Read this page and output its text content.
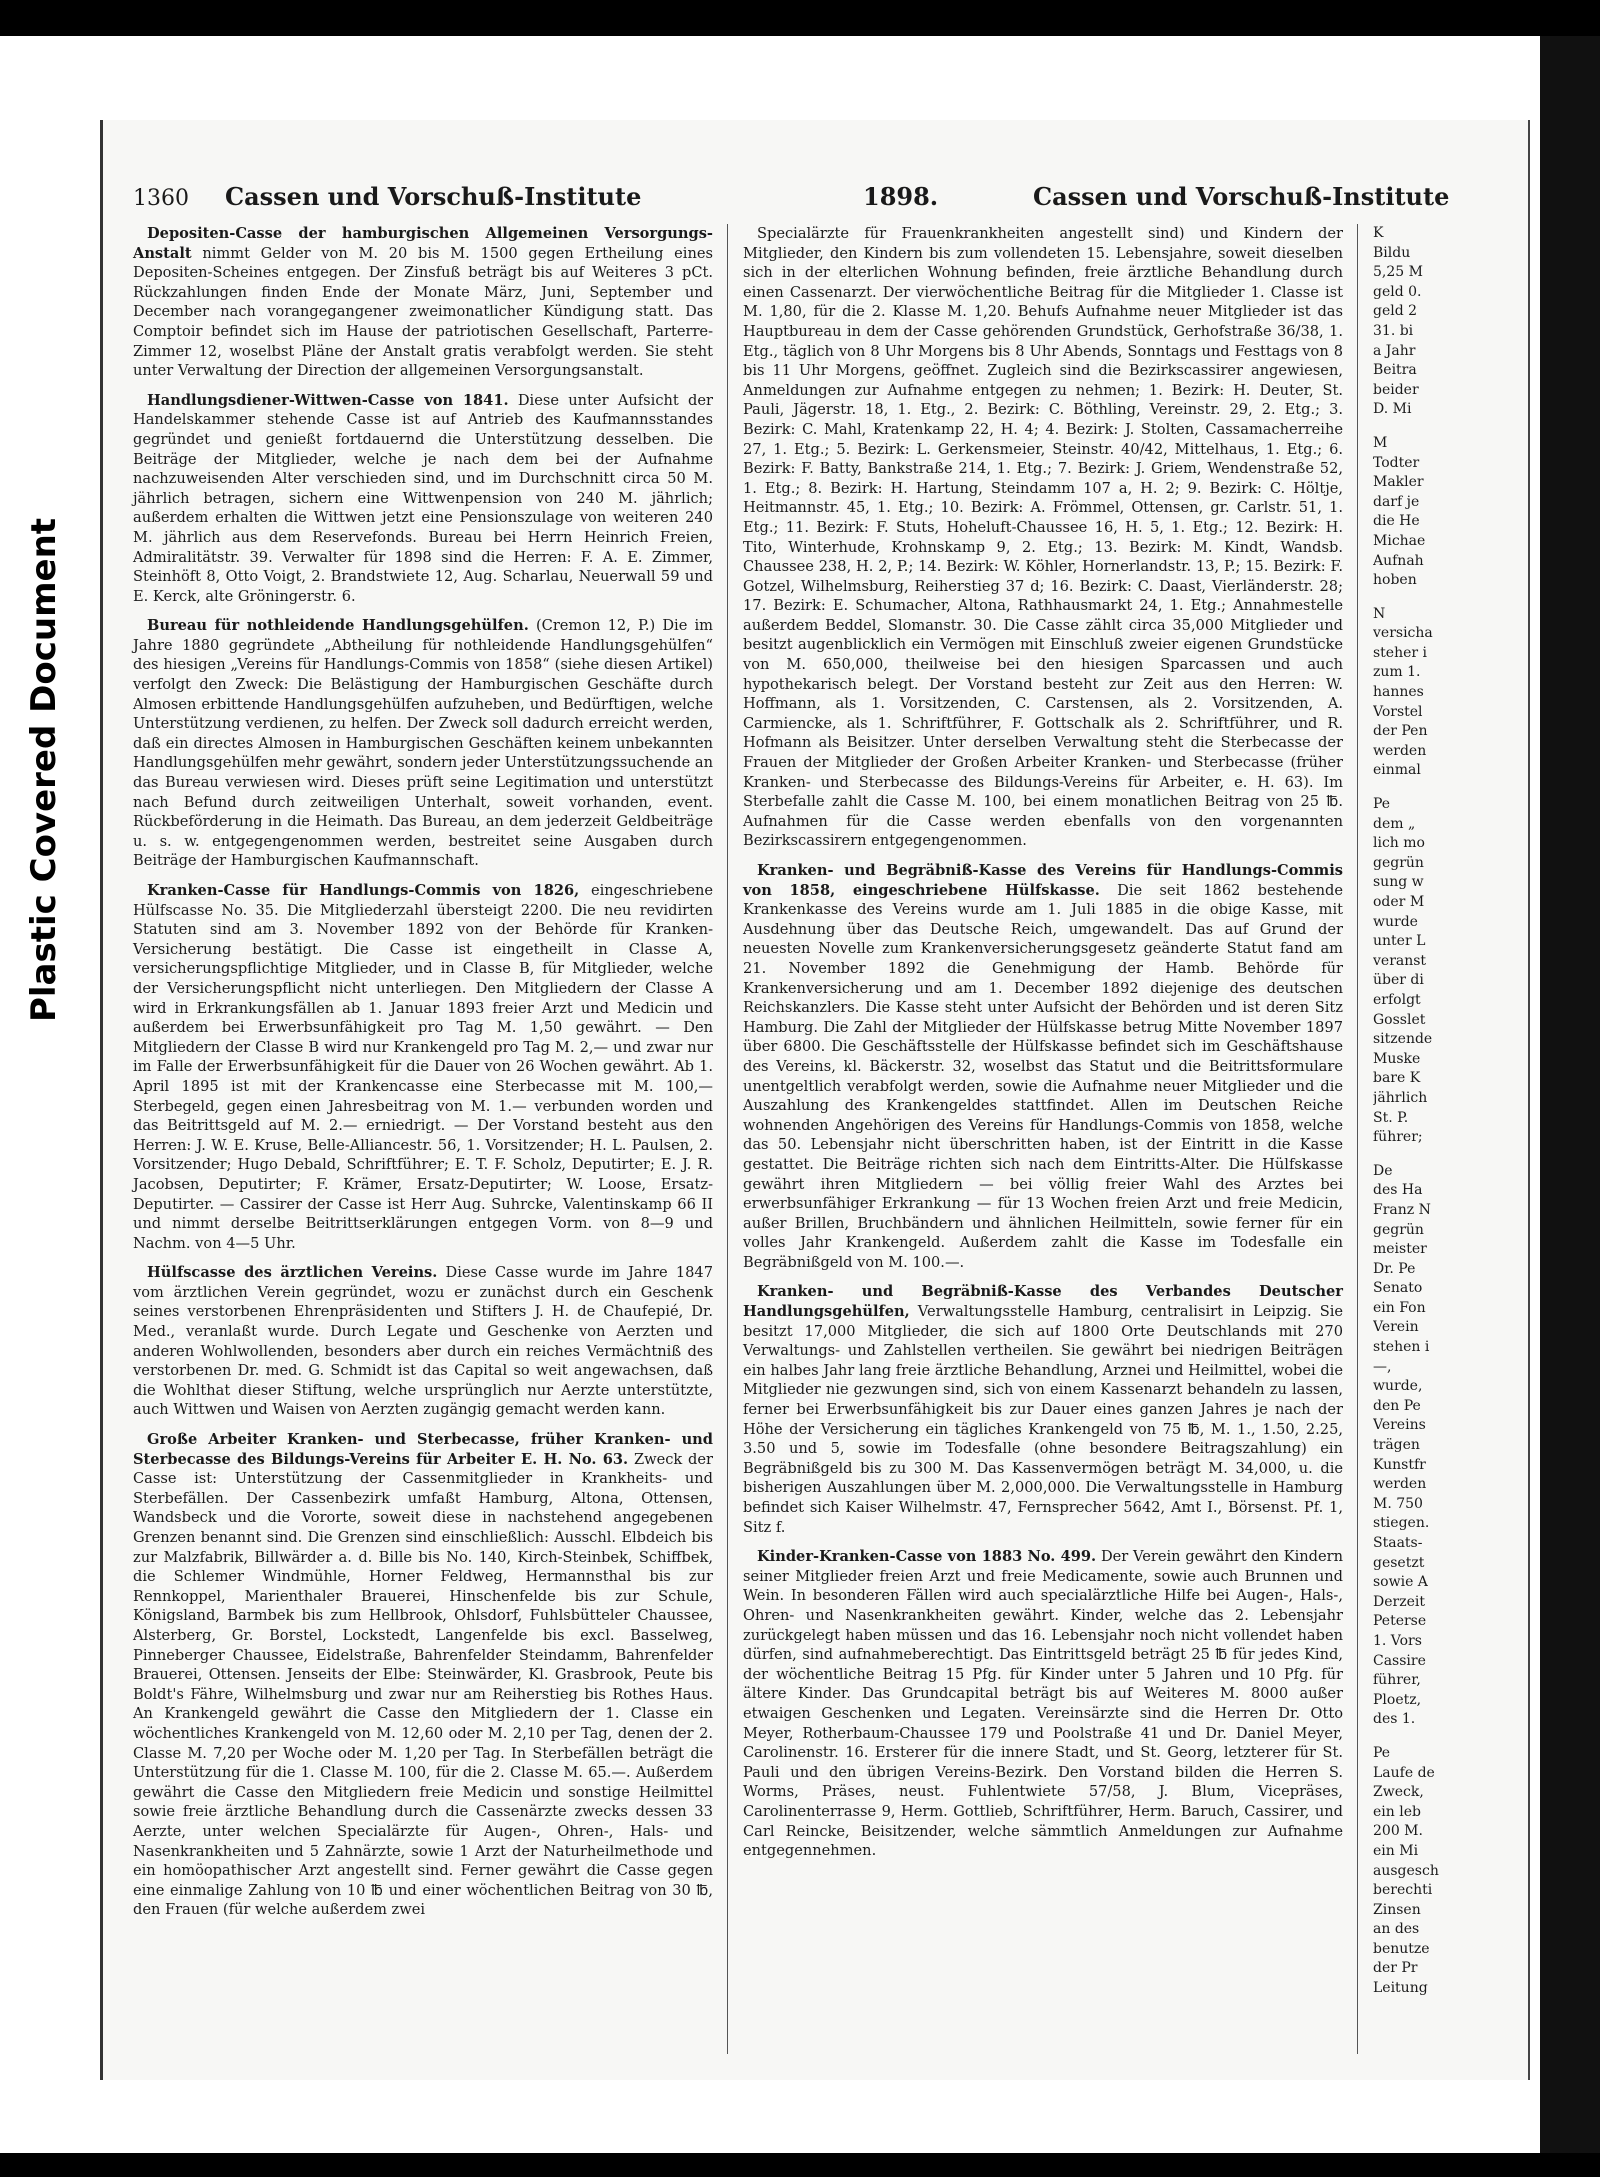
Plastic Covered Document
1360 Cassen und Vorschuß-Institute	1898.	Cassen und Vorschuß-Institute

Depositen-Casse der hamburgischen Allgemeinen Versorgungs-Anstalt nimmt Gelder von M. 20 bis M. 1500 gegen Ertheilung eines Depositen-Scheines entgegen. Der Zinsfuß beträgt bis auf Weiteres 3 pCt. Rückzahlungen finden Ende der Monate März, Juni, September und December nach vorangegangener zweimonatlicher Kündigung statt. Das Comptoir befindet sich im Hause der patriotischen Gesellschaft, Parterre-Zimmer 12, woselbst Pläne der Anstalt gratis verabfolgt werden. Sie steht unter Verwaltung der Direction der allgemeinen Versorgungsanstalt.

Handlungsdiener-Wittwen-Casse von 1841. Diese unter Aufsicht der Handelskammer stehende Casse ist auf Antrieb des Kaufmannsstandes gegründet und genießt fortdauernd die Unterstützung desselben. Die Beiträge der Mitglieder, welche je nach dem bei der Aufnahme nachzuweisenden Alter verschieden sind, und im Durchschnitt circa 50 M. jährlich betragen, sichern eine Wittwenpension von 240 M. jährlich; außerdem erhalten die Wittwen jetzt eine Pensionszulage von weiteren 240 M. jährlich aus dem Reservefonds. Bureau bei Herrn Heinrich Freien, Admiralitätstr. 39. Verwalter für 1898 sind die Herren: F. A. E. Zimmer, Steinhöft 8, Otto Voigt, 2. Brandstwiete 12, Aug. Scharlau, Neuerwall 59 und E. Kerck, alte Gröningerstr. 6.

Bureau für nothleidende Handlungsgehülfen. (Cremon 12, P.) Die im Jahre 1880 gegründete „Abtheilung für nothleidende Handlungsgehülfen“ des hiesigen „Vereins für Handlungs-Commis von 1858“ (siehe diesen Artikel) verfolgt den Zweck: Die Belästigung der Hamburgischen Geschäfte durch Almosen erbittende Handlungsgehülfen aufzuheben, und Bedürftigen, welche Unterstützung verdienen, zu helfen. Der Zweck soll dadurch erreicht werden, daß ein directes Almosen in Hamburgischen Geschäften keinem unbekannten Handlungsgehülfen mehr gewährt, sondern jeder Unterstützungssuchende an das Bureau verwiesen wird. Dieses prüft seine Legitimation und unterstützt nach Befund durch zeitweiligen Unterhalt, soweit vorhanden, event. Rückbeförderung in die Heimath. Das Bureau, an dem jederzeit Geldbeiträge u. s. w. entgegengenommen werden, bestreitet seine Ausgaben durch Beiträge der Hamburgischen Kaufmannschaft.

Kranken-Casse für Handlungs-Commis von 1826, eingeschriebene Hülfscasse No. 35. Die Mitgliederzahl übersteigt 2200. Die neu revidirten Statuten sind am 3. November 1892 von der Behörde für Kranken-Versicherung bestätigt. Die Casse ist eingetheilt in Classe A, versicherungspflichtige Mitglieder, und in Classe B, für Mitglieder, welche der Versicherungspflicht nicht unterliegen. Den Mitgliedern der Classe A wird in Erkrankungsfällen ab 1. Januar 1893 freier Arzt und Medicin und außerdem bei Erwerbsunfähigkeit pro Tag M. 1,50 gewährt. — Den Mitgliedern der Classe B wird nur Krankengeld pro Tag M. 2,— und zwar nur im Falle der Erwerbsunfähigkeit für die Dauer von 26 Wochen gewährt. Ab 1. April 1895 ist mit der Krankencasse eine Sterbecasse mit M. 100,— Sterbegeld, gegen einen Jahresbeitrag von M. 1.— verbunden worden und das Beitrittsgeld auf M. 2.— erniedrigt. — Der Vorstand besteht aus den Herren: J. W. E. Kruse, Belle-Alliancestr. 56, 1. Vorsitzender; H. L. Paulsen, 2. Vorsitzender; Hugo Debald, Schriftführer; E. T. F. Scholz, Deputirter; E. J. R. Jacobsen, Deputirter; F. Krämer, Ersatz-Deputirter; W. Loose, Ersatz-Deputirter. — Cassirer der Casse ist Herr Aug. Suhrcke, Valentinskamp 66 II und nimmt derselbe Beitrittserklärungen entgegen Vorm. von 8—9 und Nachm. von 4—5 Uhr.

Hülfscasse des ärztlichen Vereins. Diese Casse wurde im Jahre 1847 vom ärztlichen Verein gegründet, wozu er zunächst durch ein Geschenk seines verstorbenen Ehrenpräsidenten und Stifters J. H. de Chaufepié, Dr. Med., veranlaßt wurde. Durch Legate und Geschenke von Aerzten und anderen Wohlwollenden, besonders aber durch ein reiches Vermächtniß des verstorbenen Dr. med. G. Schmidt ist das Capital so weit angewachsen, daß die Wohlthat dieser Stiftung, welche ursprünglich nur Aerzte unterstützte, auch Wittwen und Waisen von Aerzten zugängig gemacht werden kann.

Große Arbeiter Kranken- und Sterbecasse, früher Kranken- und Sterbecasse des Bildungs-Vereins für Arbeiter E. H. No. 63. Zweck der Casse ist: Unterstützung der Cassenmitglieder in Krankheits- und Sterbefällen. Der Cassenbezirk umfaßt Hamburg, Altona, Ottensen, Wandsbeck und die Vororte, soweit diese in nachstehend angegebenen Grenzen benannt sind. Die Grenzen sind einschließlich: Ausschl. Elbdeich bis zur Malzfabrik, Billwärder a. d. Bille bis No. 140, Kirch-Steinbek, Schiffbek, die Schlemer Windmühle, Horner Feldweg, Hermannsthal bis zur Rennkoppel, Marienthaler Brauerei, Hinschenfelde bis zur Schule, Königsland, Barmbek bis zum Hellbrook, Ohlsdorf, Fuhlsbütteler Chaussee, Alsterberg, Gr. Borstel, Lockstedt, Langenfelde bis excl. Basselweg, Pinneberger Chaussee, Eidelstraße, Bahrenfelder Steindamm, Bahrenfelder Brauerei, Ottensen. Jenseits der Elbe: Steinwärder, Kl. Grasbrook, Peute bis Boldt's Fähre, Wilhelmsburg und zwar nur am Reiherstieg bis Rothes Haus. An Krankengeld gewährt die Casse den Mitgliedern der 1. Classe ein wöchentliches Krankengeld von M. 12,60 oder M. 2,10 per Tag, denen der 2. Classe M. 7,20 per Woche oder M. 1,20 per Tag. In Sterbefällen beträgt die Unterstützung für die 1. Classe M. 100, für die 2. Classe M. 65.—. Außerdem gewährt die Casse den Mitgliedern freie Medicin und sonstige Heilmittel sowie freie ärztliche Behandlung durch die Cassenärzte zwecks dessen 33 Aerzte, unter welchen Specialärzte für Augen-, Ohren-, Hals- und Nasenkrankheiten und 5 Zahnärzte, sowie 1 Arzt der Naturheilmethode und ein homöopathischer Arzt angestellt sind. Ferner gewährt die Casse gegen eine einmalige Zahlung von 10 ℔ und einer wöchentlichen Beitrag von 30 ℔, den Frauen (für welche außerdem zwei

Specialärzte für Frauenkrankheiten angestellt sind) und Kindern der Mitglieder, den Kindern bis zum vollendeten 15. Lebensjahre, soweit dieselben sich in der elterlichen Wohnung befinden, freie ärztliche Behandlung durch einen Cassenarzt. Der vierwöchentliche Beitrag für die Mitglieder 1. Classe ist M. 1,80, für die 2. Klasse M. 1,20. Behufs Aufnahme neuer Mitglieder ist das Hauptbureau in dem der Casse gehörenden Grundstück, Gerhofstraße 36/38, 1. Etg., täglich von 8 Uhr Morgens bis 8 Uhr Abends, Sonntags und Festtags von 8 bis 11 Uhr Morgens, geöffnet. Zugleich sind die Bezirkscassirer angewiesen, Anmeldungen zur Aufnahme entgegen zu nehmen; 1. Bezirk: H. Deuter, St. Pauli, Jägerstr. 18, 1. Etg., 2. Bezirk: C. Böthling, Vereinstr. 29, 2. Etg.; 3. Bezirk: C. Mahl, Kratenkamp 22, H. 4; 4. Bezirk: J. Stolten, Cassamacherreihe 27, 1. Etg.; 5. Bezirk: L. Gerkensmeier, Steinstr. 40/42, Mittelhaus, 1. Etg.; 6. Bezirk: F. Batty, Bankstraße 214, 1. Etg.; 7. Bezirk: J. Griem, Wendenstraße 52, 1. Etg.; 8. Bezirk: H. Hartung, Steindamm 107 a, H. 2; 9. Bezirk: C. Höltje, Heitmannstr. 45, 1. Etg.; 10. Bezirk: A. Frömmel, Ottensen, gr. Carlstr. 51, 1. Etg.; 11. Bezirk: F. Stuts, Hoheluft-Chaussee 16, H. 5, 1. Etg.; 12. Bezirk: H. Tito, Winterhude, Krohnskamp 9, 2. Etg.; 13. Bezirk: M. Kindt, Wandsb. Chaussee 238, H. 2, P.; 14. Bezirk: W. Köhler, Hornerlandstr. 13, P.; 15. Bezirk: F. Gotzel, Wilhelmsburg, Reiherstieg 37 d; 16. Bezirk: C. Daast, Vierländerstr. 28; 17. Bezirk: E. Schumacher, Altona, Rathhausmarkt 24, 1. Etg.; Annahmestelle außerdem Beddel, Slomanstr. 30. Die Casse zählt circa 35,000 Mitglieder und besitzt augenblicklich ein Vermögen mit Einschluß zweier eigenen Grundstücke von M. 650,000, theilweise bei den hiesigen Sparcassen und auch hypothekarisch belegt. Der Vorstand besteht zur Zeit aus den Herren: W. Hoffmann, als 1. Vorsitzenden, C. Carstensen, als 2. Vorsitzenden, A. Carmiencke, als 1. Schriftführer, F. Gottschalk als 2. Schriftführer, und R. Hofmann als Beisitzer. Unter derselben Verwaltung steht die Sterbecasse der Frauen der Mitglieder der Großen Arbeiter Kranken- und Sterbecasse (früher Kranken- und Sterbecasse des Bildungs-Vereins für Arbeiter, e. H. 63). Im Sterbefalle zahlt die Casse M. 100, bei einem monatlichen Beitrag von 25 ℔. Aufnahmen für die Casse werden ebenfalls von den vorgenannten Bezirkscassirern entgegengenommen.

Kranken- und Begräbniß-Kasse des Vereins für Handlungs-Commis von 1858, eingeschriebene Hülfskasse. Die seit 1862 bestehende Krankenkasse des Vereins wurde am 1. Juli 1885 in die obige Kasse, mit Ausdehnung über das Deutsche Reich, umgewandelt. Das auf Grund der neuesten Novelle zum Krankenversicherungsgesetz geänderte Statut fand am 21. November 1892 die Genehmigung der Hamb. Behörde für Krankenversicherung und am 1. December 1892 diejenige des deutschen Reichskanzlers. Die Kasse steht unter Aufsicht der Behörden und ist deren Sitz Hamburg. Die Zahl der Mitglieder der Hülfskasse betrug Mitte November 1897 über 6800. Die Geschäftsstelle der Hülfskasse befindet sich im Geschäftshause des Vereins, kl. Bäckerstr. 32, woselbst das Statut und die Beitrittsformulare unentgeltlich verabfolgt werden, sowie die Aufnahme neuer Mitglieder und die Auszahlung des Krankengeldes stattfindet. Allen im Deutschen Reiche wohnenden Angehörigen des Vereins für Handlungs-Commis von 1858, welche das 50. Lebensjahr nicht überschritten haben, ist der Eintritt in die Kasse gestattet. Die Beiträge richten sich nach dem Eintritts-Alter. Die Hülfskasse gewährt ihren Mitgliedern — bei völlig freier Wahl des Arztes bei erwerbsunfähiger Erkrankung — für 13 Wochen freien Arzt und freie Medicin, außer Brillen, Bruchbändern und ähnlichen Heilmitteln, sowie ferner für ein volles Jahr Krankengeld. Außerdem zahlt die Kasse im Todesfalle ein Begräbnißgeld von M. 100.—.

Kranken- und Begräbniß-Kasse des Verbandes Deutscher Handlungsgehülfen, Verwaltungsstelle Hamburg, centralisirt in Leipzig. Sie besitzt 17,000 Mitglieder, die sich auf 1800 Orte Deutschlands mit 270 Verwaltungs- und Zahlstellen vertheilen. Sie gewährt bei niedrigen Beiträgen ein halbes Jahr lang freie ärztliche Behandlung, Arznei und Heilmittel, wobei die Mitglieder nie gezwungen sind, sich von einem Kassenarzt behandeln zu lassen, ferner bei Erwerbsunfähigkeit bis zur Dauer eines ganzen Jahres je nach der Höhe der Versicherung ein tägliches Krankengeld von 75 ℔, M. 1., 1.50, 2.25, 3.50 und 5, sowie im Todesfalle (ohne besondere Beitragszahlung) ein Begräbnißgeld bis zu 300 M. Das Kassenvermögen beträgt M. 34,000, u. die bisherigen Auszahlungen über M. 2,000,000. Die Verwaltungsstelle in Hamburg befindet sich Kaiser Wilhelmstr. 47, Fernsprecher 5642, Amt I., Börsenst. Pf. 1, Sitz f.

Kinder-Kranken-Casse von 1883 No. 499. Der Verein gewährt den Kindern seiner Mitglieder freien Arzt und freie Medicamente, sowie auch Brunnen und Wein. In besonderen Fällen wird auch specialärztliche Hilfe bei Augen-, Hals-, Ohren- und Nasenkrankheiten gewährt. Kinder, welche das 2. Lebensjahr zurückgelegt haben müssen und das 16. Lebensjahr noch nicht vollendet haben dürfen, sind aufnahmeberechtigt. Das Eintrittsgeld beträgt 25 ℔ für jedes Kind, der wöchentliche Beitrag 15 Pfg. für Kinder unter 5 Jahren und 10 Pfg. für ältere Kinder. Das Grundcapital beträgt bis auf Weiteres M. 8000 außer etwaigen Geschenken und Legaten. Vereinsärzte sind die Herren Dr. Otto Meyer, Rotherbaum-Chaussee 179 und Poolstraße 41 und Dr. Daniel Meyer, Carolinenstr. 16. Ersterer für die innere Stadt, und St. Georg, letzterer für St. Pauli und den übrigen Vereins-Bezirk. Den Vorstand bilden die Herren S. Worms, Präses, neust. Fuhlentwiete 57/58, J. Blum, Vicepräses, Carolinenterrasse 9, Herm. Gottlieb, Schriftführer, Herm. Baruch, Cassirer, und Carl Reincke, Beisitzender, welche sämmtlich Anmeldungen zur Aufnahme entgegennehmen.

K

Bildu

5,25 M

geld 0.

geld 2

31. bi

a Jahr

Beitra

beider

D. Mi

M

Todter

Makler

darf je

die He

Michae

Aufnah

hoben

N

versicha

steher i

zum 1.

hannes

Vorstel

der Pen

werden

einmal

Pe

dem „

lich mo

gegrün

sung w

oder M

wurde

unter L

veranst

über di

erfolgt

Gosslet

sitzende

Muske

bare K

jährlich

St. P.

führer;

De

des Ha

Franz N

gegrün

meister

Dr. Pe

Senato

ein Fon

Verein

stehen i

—,

wurde,

den Pe

Vereins

trägen

Kunstfr

werden

M. 750

stiegen.

Staats-

gesetzt

sowie A

Derzeit

Peterse

1. Vors

Cassire

führer,

Ploetz,

des 1.

Pe

Laufe de

Zweck,

ein leb

200 M.

ein Mi

ausgesch

berechti

Zinsen

an des

benutze

der Pr

Leitung
